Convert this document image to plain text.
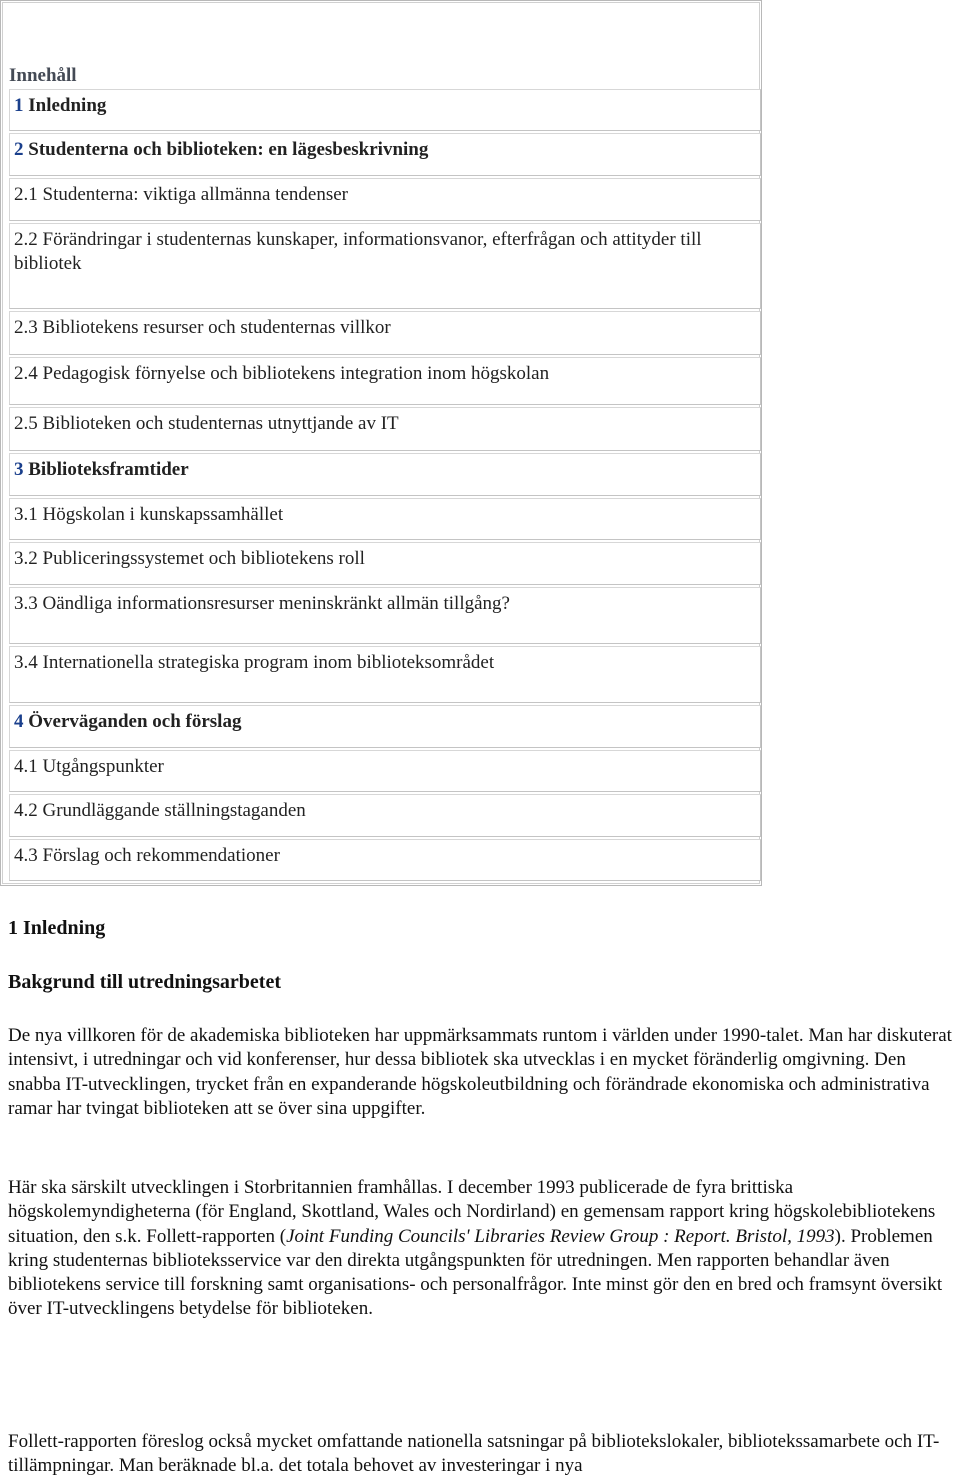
Innehåll
1 Inledning
2 Studenterna och biblioteken: en lägesbeskrivning
2.1 Studenterna: viktiga allmänna tendenser
2.2 Förändringar i studenternas kunskaper, informationsvanor, efterfrågan och attityder till bibliotek
2.3 Bibliotekens resurser och studenternas villkor
2.4 Pedagogisk förnyelse och bibliotekens integration inom högskolan
2.5 Biblioteken och studenternas utnyttjande av IT
3 Biblioteksframtider
3.1 Högskolan i kunskapssamhället
3.2 Publiceringssystemet och bibliotekens roll
3.3 Oändliga informationsresurser meninskränkt allmän tillgång?
3.4 Internationella strategiska program inom biblioteksområdet
4 Överväganden och förslag
4.1 Utgångspunkter
4.2 Grundläggande ställningstaganden
4.3 Förslag och rekommendationer
1 Inledning
Bakgrund till utredningsarbetet
De nya villkoren för de akademiska biblioteken har uppmärksammats runtom i världen under 1990-talet. Man har diskuterat intensivt, i utredningar och vid konferenser, hur dessa bibliotek ska utvecklas i en mycket föränderlig omgivning. Den snabba IT-utvecklingen, trycket från en expanderande högskoleutbildning och förändrade ekonomiska och administrativa ramar har tvingat biblioteken att se över sina uppgifter.
Här ska särskilt utvecklingen i Storbritannien framhållas. I december 1993 publicerade de fyra brittiska högskolemyndigheterna (för England, Skottland, Wales och Nordirland) en gemensam rapport kring högskolebibliotekens situation, den s.k. Follett-rapporten (Joint Funding Councils' Libraries Review Group : Report. Bristol, 1993). Problemen kring studenternas biblioteksservice var den direkta utgångspunkten för utredningen. Men rapporten behandlar även bibliotekens service till forskning samt organisations- och personalfrågor. Inte minst gör den en bred och framsynt översikt över IT-utvecklingens betydelse för biblioteken.
Follett-rapporten föreslog också mycket omfattande nationella satsningar på bibliotekslokaler, bibliotekssamarbete och IT-tillämpningar. Man beräknade bl.a. det totala behovet av investeringar i nya
